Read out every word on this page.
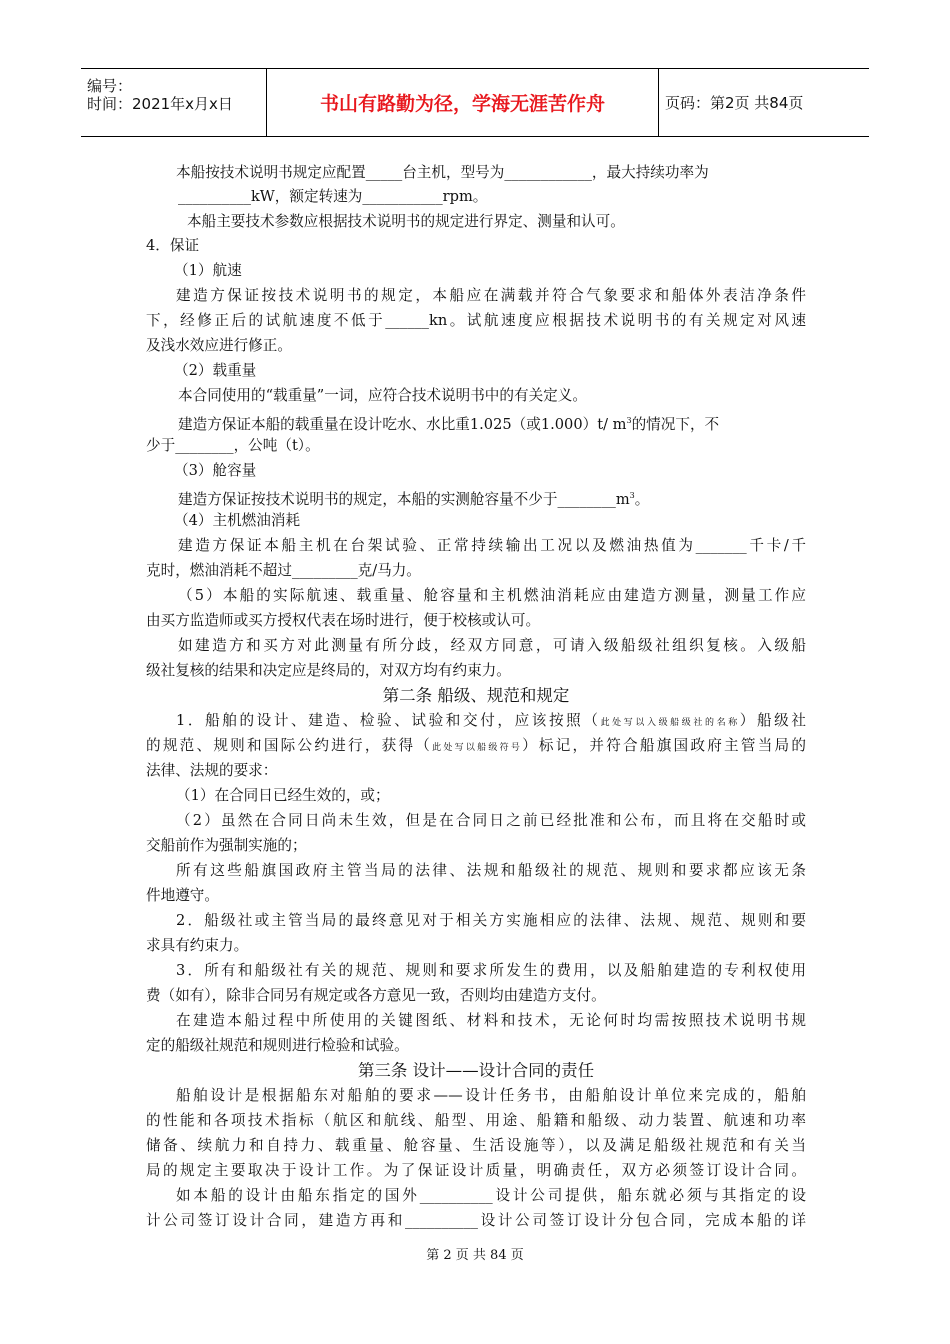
编号：
时间：2021年x月x日	书山有路勤为径，学海无涯苦作舟	页码：第2页 共84页
本船按技术说明书规定应配置_____台主机，型号为____________，最大持续功率为
__________kW，额定转速为___________rpm。
本船主要技术参数应根据技术说明书的规定进行界定、测量和认可。
4．保证
（1）航速
建造方保证按技术说明书的规定，本船应在满载并符合气象要求和船体外表洁净条件
下，经修正后的试航速度不低于______kn。试航速度应根据技术说明书的有关规定对风速
及浅水效应进行修正。
（2）载重量
本合同使用的“载重量”一词，应符合技术说明书中的有关定义。
建造方保证本船的载重量在设计吃水、水比重1.025（或1.000）t/ $m^3$的情况下，不
少于________，公吨（t）。
（3）舱容量
建造方保证按技术说明书的规定，本船的实测舱容量不少于$\_\_\_\_\_\_\_\_m^3$。
（4）主机燃油消耗
建造方保证本船主机在台架试验、正常持续输出工况以及燃油热值为_______千卡/千
克时，燃油消耗不超过_________克/马力。
（5）本船的实际航速、载重量、舱容量和主机燃油消耗应由建造方测量，测量工作应
由买方监造师或买方授权代表在场时进行，便于校核或认可。
如建造方和买方对此测量有所分歧，经双方同意，可请入级船级社组织复核。入级船
级社复核的结果和决定应是终局的，对双方均有约束力。
第二条 船级、规范和规定
1．船舶的设计、建造、检验、试验和交付，应该按照（此处写以入级船级社的名称）船级社
的规范、规则和国际公约进行，获得（此处写以船级符号）标记，并符合船旗国政府主管当局的
法律、法规的要求：
（1）在合同日已经生效的，或；
（2）虽然在合同日尚未生效，但是在合同日之前已经批准和公布，而且将在交船时或
交船前作为强制实施的；
所有这些船旗国政府主管当局的法律、法规和船级社的规范、规则和要求都应该无条
件地遵守。
2．船级社或主管当局的最终意见对于相关方实施相应的法律、法规、规范、规则和要
求具有约束力。
3．所有和船级社有关的规范、规则和要求所发生的费用，以及船舶建造的专利权使用
费（如有），除非合同另有规定或各方意见一致，否则均由建造方支付。
在建造本船过程中所使用的关键图纸、材料和技术，无论何时均需按照技术说明书规
定的船级社规范和规则进行检验和试验。
第三条 设计——设计合同的责任
船舶设计是根据船东对船舶的要求——设计任务书，由船舶设计单位来完成的，船舶
的性能和各项技术指标（航区和航线、船型、用途、船籍和船级、动力装置、航速和功率
储备、续航力和自持力、载重量、舱容量、生活设施等），以及满足船级社规范和有关当
局的规定主要取决于设计工作。为了保证设计质量，明确责任，双方必须签订设计合同。
如本船的设计由船东指定的国外__________设计公司提供，船东就必须与其指定的设
计公司签订设计合同，建造方再和__________设计公司签订设计分包合同，完成本船的详
第 2 页 共 84 页
